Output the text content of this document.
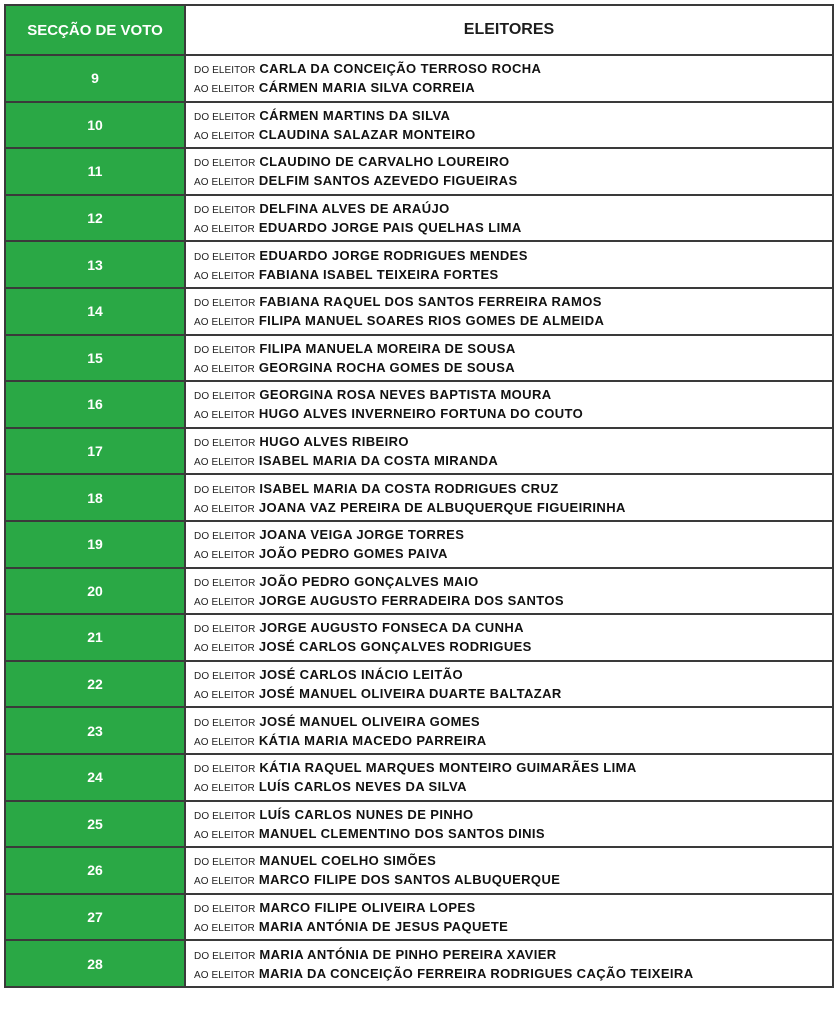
SECÇÃO DE VOTO	ELEITORES
9	DO ELEITOR CARLA DA CONCEIÇÃO TERROSO ROCHA
AO ELEITOR CÁRMEN MARIA SILVA CORREIA

10	DO ELEITOR CÁRMEN MARTINS DA SILVA
AO ELEITOR CLAUDINA SALAZAR MONTEIRO

11	DO ELEITOR CLAUDINO DE CARVALHO LOUREIRO
AO ELEITOR DELFIM SANTOS AZEVEDO FIGUEIRAS

12	DO ELEITOR DELFINA ALVES DE ARAÚJO
AO ELEITOR EDUARDO JORGE PAIS QUELHAS LIMA

13	DO ELEITOR EDUARDO JORGE RODRIGUES MENDES
AO ELEITOR FABIANA ISABEL TEIXEIRA FORTES

14	DO ELEITOR FABIANA RAQUEL DOS SANTOS FERREIRA RAMOS
AO ELEITOR FILIPA MANUEL SOARES RIOS GOMES DE ALMEIDA

15	DO ELEITOR FILIPA MANUELA MOREIRA DE SOUSA
AO ELEITOR GEORGINA ROCHA GOMES DE SOUSA

16	DO ELEITOR GEORGINA ROSA NEVES BAPTISTA MOURA
AO ELEITOR HUGO ALVES INVERNEIRO FORTUNA DO COUTO

17	DO ELEITOR HUGO ALVES RIBEIRO
AO ELEITOR ISABEL MARIA DA COSTA MIRANDA

18	DO ELEITOR ISABEL MARIA DA COSTA RODRIGUES CRUZ
AO ELEITOR JOANA VAZ PEREIRA DE ALBUQUERQUE FIGUEIRINHA

19	DO ELEITOR JOANA VEIGA JORGE TORRES
AO ELEITOR JOÃO PEDRO GOMES PAIVA

20	DO ELEITOR JOÃO PEDRO GONÇALVES MAIO
AO ELEITOR JORGE AUGUSTO FERRADEIRA DOS SANTOS

21	DO ELEITOR JORGE AUGUSTO FONSECA DA CUNHA
AO ELEITOR JOSÉ CARLOS GONÇALVES RODRIGUES

22	DO ELEITOR JOSÉ CARLOS INÁCIO LEITÃO
AO ELEITOR JOSÉ MANUEL OLIVEIRA DUARTE BALTAZAR

23	DO ELEITOR JOSÉ MANUEL OLIVEIRA GOMES
AO ELEITOR KÁTIA MARIA MACEDO PARREIRA

24	DO ELEITOR KÁTIA RAQUEL MARQUES MONTEIRO GUIMARÃES LIMA
AO ELEITOR LUÍS CARLOS NEVES DA SILVA

25	DO ELEITOR LUÍS CARLOS NUNES DE PINHO
AO ELEITOR MANUEL CLEMENTINO DOS SANTOS DINIS

26	DO ELEITOR MANUEL COELHO SIMÕES
AO ELEITOR MARCO FILIPE DOS SANTOS ALBUQUERQUE

27	DO ELEITOR MARCO FILIPE OLIVEIRA LOPES
AO ELEITOR MARIA ANTÓNIA DE JESUS PAQUETE

28	DO ELEITOR MARIA ANTÓNIA DE PINHO PEREIRA XAVIER
AO ELEITOR MARIA DA CONCEIÇÃO FERREIRA RODRIGUES CAÇÃO TEIXEIRA
